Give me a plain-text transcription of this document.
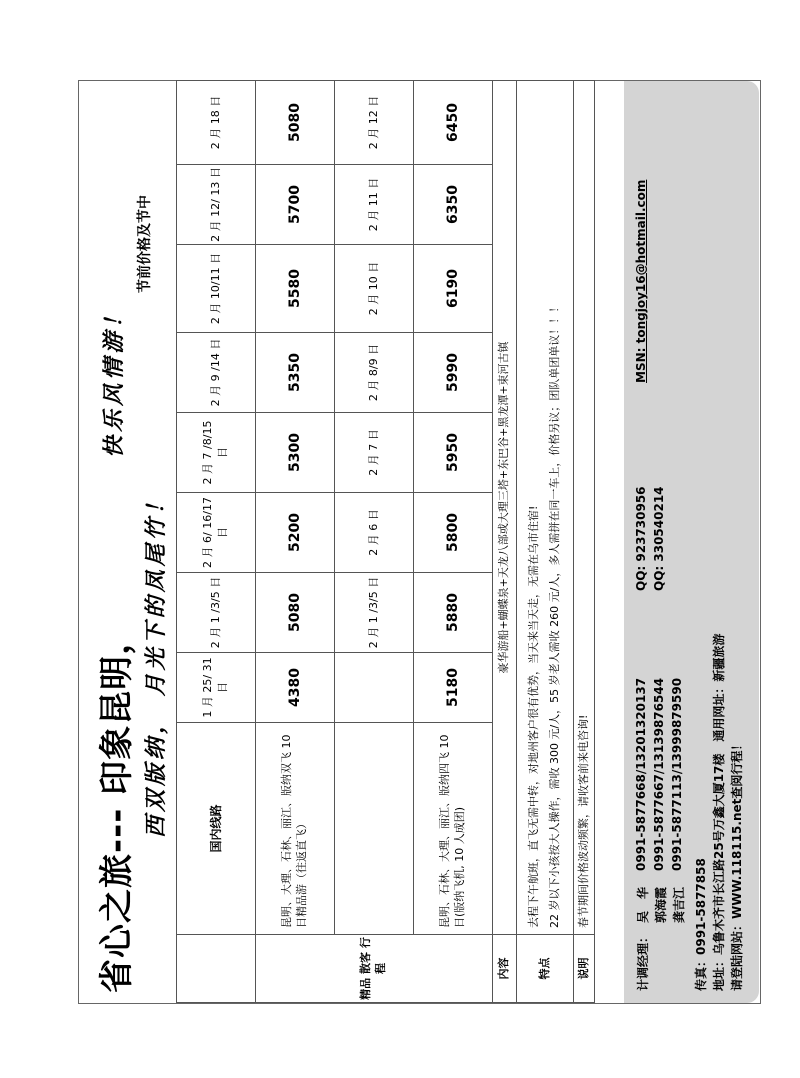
省心之旅--- 印象昆明，
快乐风情游！
西双版纳， 月光下的凤尾竹！
节前价格及节中
	国内线路	1 月 25/ 31 日	2 月 1 /3/5 日	2 月 6/ 16/17 日	2 月 7 /8/15 日	2 月 9 /14 日	2 月 10/11 日	2 月 12/ 13 日	2 月 18 日
精品 散客 行程	昆明、大理、石林、丽江、版纳双飞 10 日精品游（往返直飞）	4380	5080	5200	5300	5350	5580	5700	5080
			2 月 1 /3/5 日	2 月 6 日	2 月 7 日	2 月 8/9 日	2 月 10 日	2 月 11 日	2 月 12 日
	昆明、石林、大理、丽江、版纳四飞 10 日(版纳飞机, 10 人成团)	5180	5880	5800	5950	5990	6190	6350	6450
内容	豪华游船+蝴蝶泉+天龙八部或大理三塔+东巴谷+黑龙潭+束河古镇								
特点	去程下午航班，直飞无需中转，对地州客户很有优势，当天来当天走，无需在乌市住宿! 22 岁以下小孩按大人操作，需收 300 元/人，55 岁老人需收 260 元/人，多人需拼在同一车上，价格另议；团队单团单议！！！								

说明	春节期间价格波动频繁，请收客前来电咨询!								
计调经理：
吴　华
0991-5877668/13201320137
郭海霞
0991-5877667/13139876544
龚吉江
0991-5877113/13999879590
QQ: 923730956 QQ: 330540214
MSN: tongjoy16@hotmail.com
传真：0991-5877858 地址：乌鲁木齐市长江路25号万鑫大厦17楼　通用网址：新疆旅游 请登陆网站：WWW.118115.net查阅行程！
